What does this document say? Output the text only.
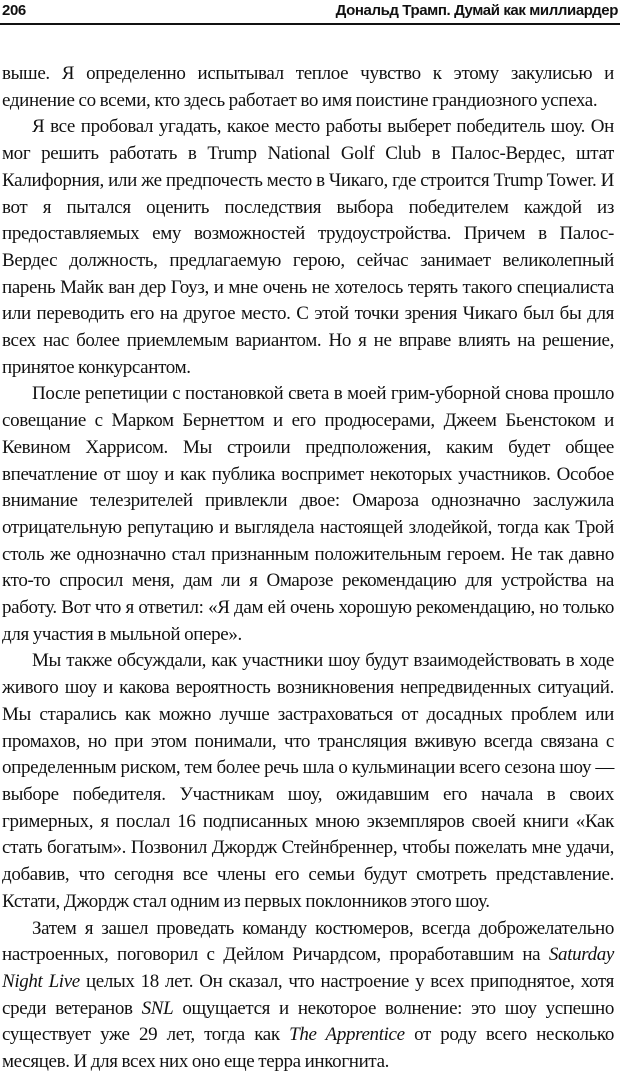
206	Дональд Трамп. Думай как миллиардер

выше. Я определенно испытывал теплое чувство к этому закулисью и единение со всеми, кто здесь работает во имя поистине грандиозного успеха.

Я все пробовал угадать, какое место работы выберет победитель шоу. Он мог решить работать в Trump National Golf Club в Палос-Вердес, штат Калифорния, или же предпочесть место в Чикаго, где строится Trump Tower. И вот я пытался оценить последствия выбора победителем каждой из предоставляемых ему возможностей трудоустройства. Причем в Палос-Вердес должность, предлагаемую герою, сейчас занимает великолепный парень Майк ван дер Гоуз, и мне очень не хотелось терять такого специалиста или переводить его на другое место. С этой точки зрения Чикаго был бы для всех нас более приемлемым вариантом. Но я не вправе влиять на решение, принятое конкурсантом.

После репетиции с постановкой света в моей грим-уборной снова прошло совещание с Марком Бернеттом и его продюсерами, Джеем Бьенстоком и Кевином Харрисом. Мы строили предположения, каким будет общее впечатление от шоу и как публика воспримет некоторых участников. Особое внимание телезрителей привлекли двое: Омароза однозначно заслужила отрицательную репутацию и выглядела настоящей злодейкой, тогда как Трой столь же однозначно стал признанным положительным героем. Не так давно кто-то спросил меня, дам ли я Омарозе рекомендацию для устройства на работу. Вот что я ответил: «Я дам ей очень хорошую рекомендацию, но только для участия в мыльной опере».

Мы также обсуждали, как участники шоу будут взаимодействовать в ходе живого шоу и какова вероятность возникновения непредвиденных ситуаций. Мы старались как можно лучше застраховаться от досадных проблем или промахов, но при этом понимали, что трансляция вживую всегда связана с определенным риском, тем более речь шла о кульминации всего сезона шоу — выборе победителя. Участникам шоу, ожидавшим его начала в своих гримерных, я послал 16 подписанных мною экземпляров своей книги «Как стать богатым». Позвонил Джордж Стейнбреннер, чтобы пожелать мне удачи, добавив, что сегодня все члены его семьи будут смотреть представление. Кстати, Джордж стал одним из первых поклонников этого шоу.

Затем я зашел проведать команду костюмеров, всегда доброжелательно настроенных, поговорил с Дейлом Ричардсом, проработавшим на Saturday Night Live целых 18 лет. Он сказал, что настроение у всех приподнятое, хотя среди ветеранов SNL ощущается и некоторое волнение: это шоу успешно существует уже 29 лет, тогда как The Apprentice от роду всего несколько месяцев. И для всех них оно еще терра инкогнита.
